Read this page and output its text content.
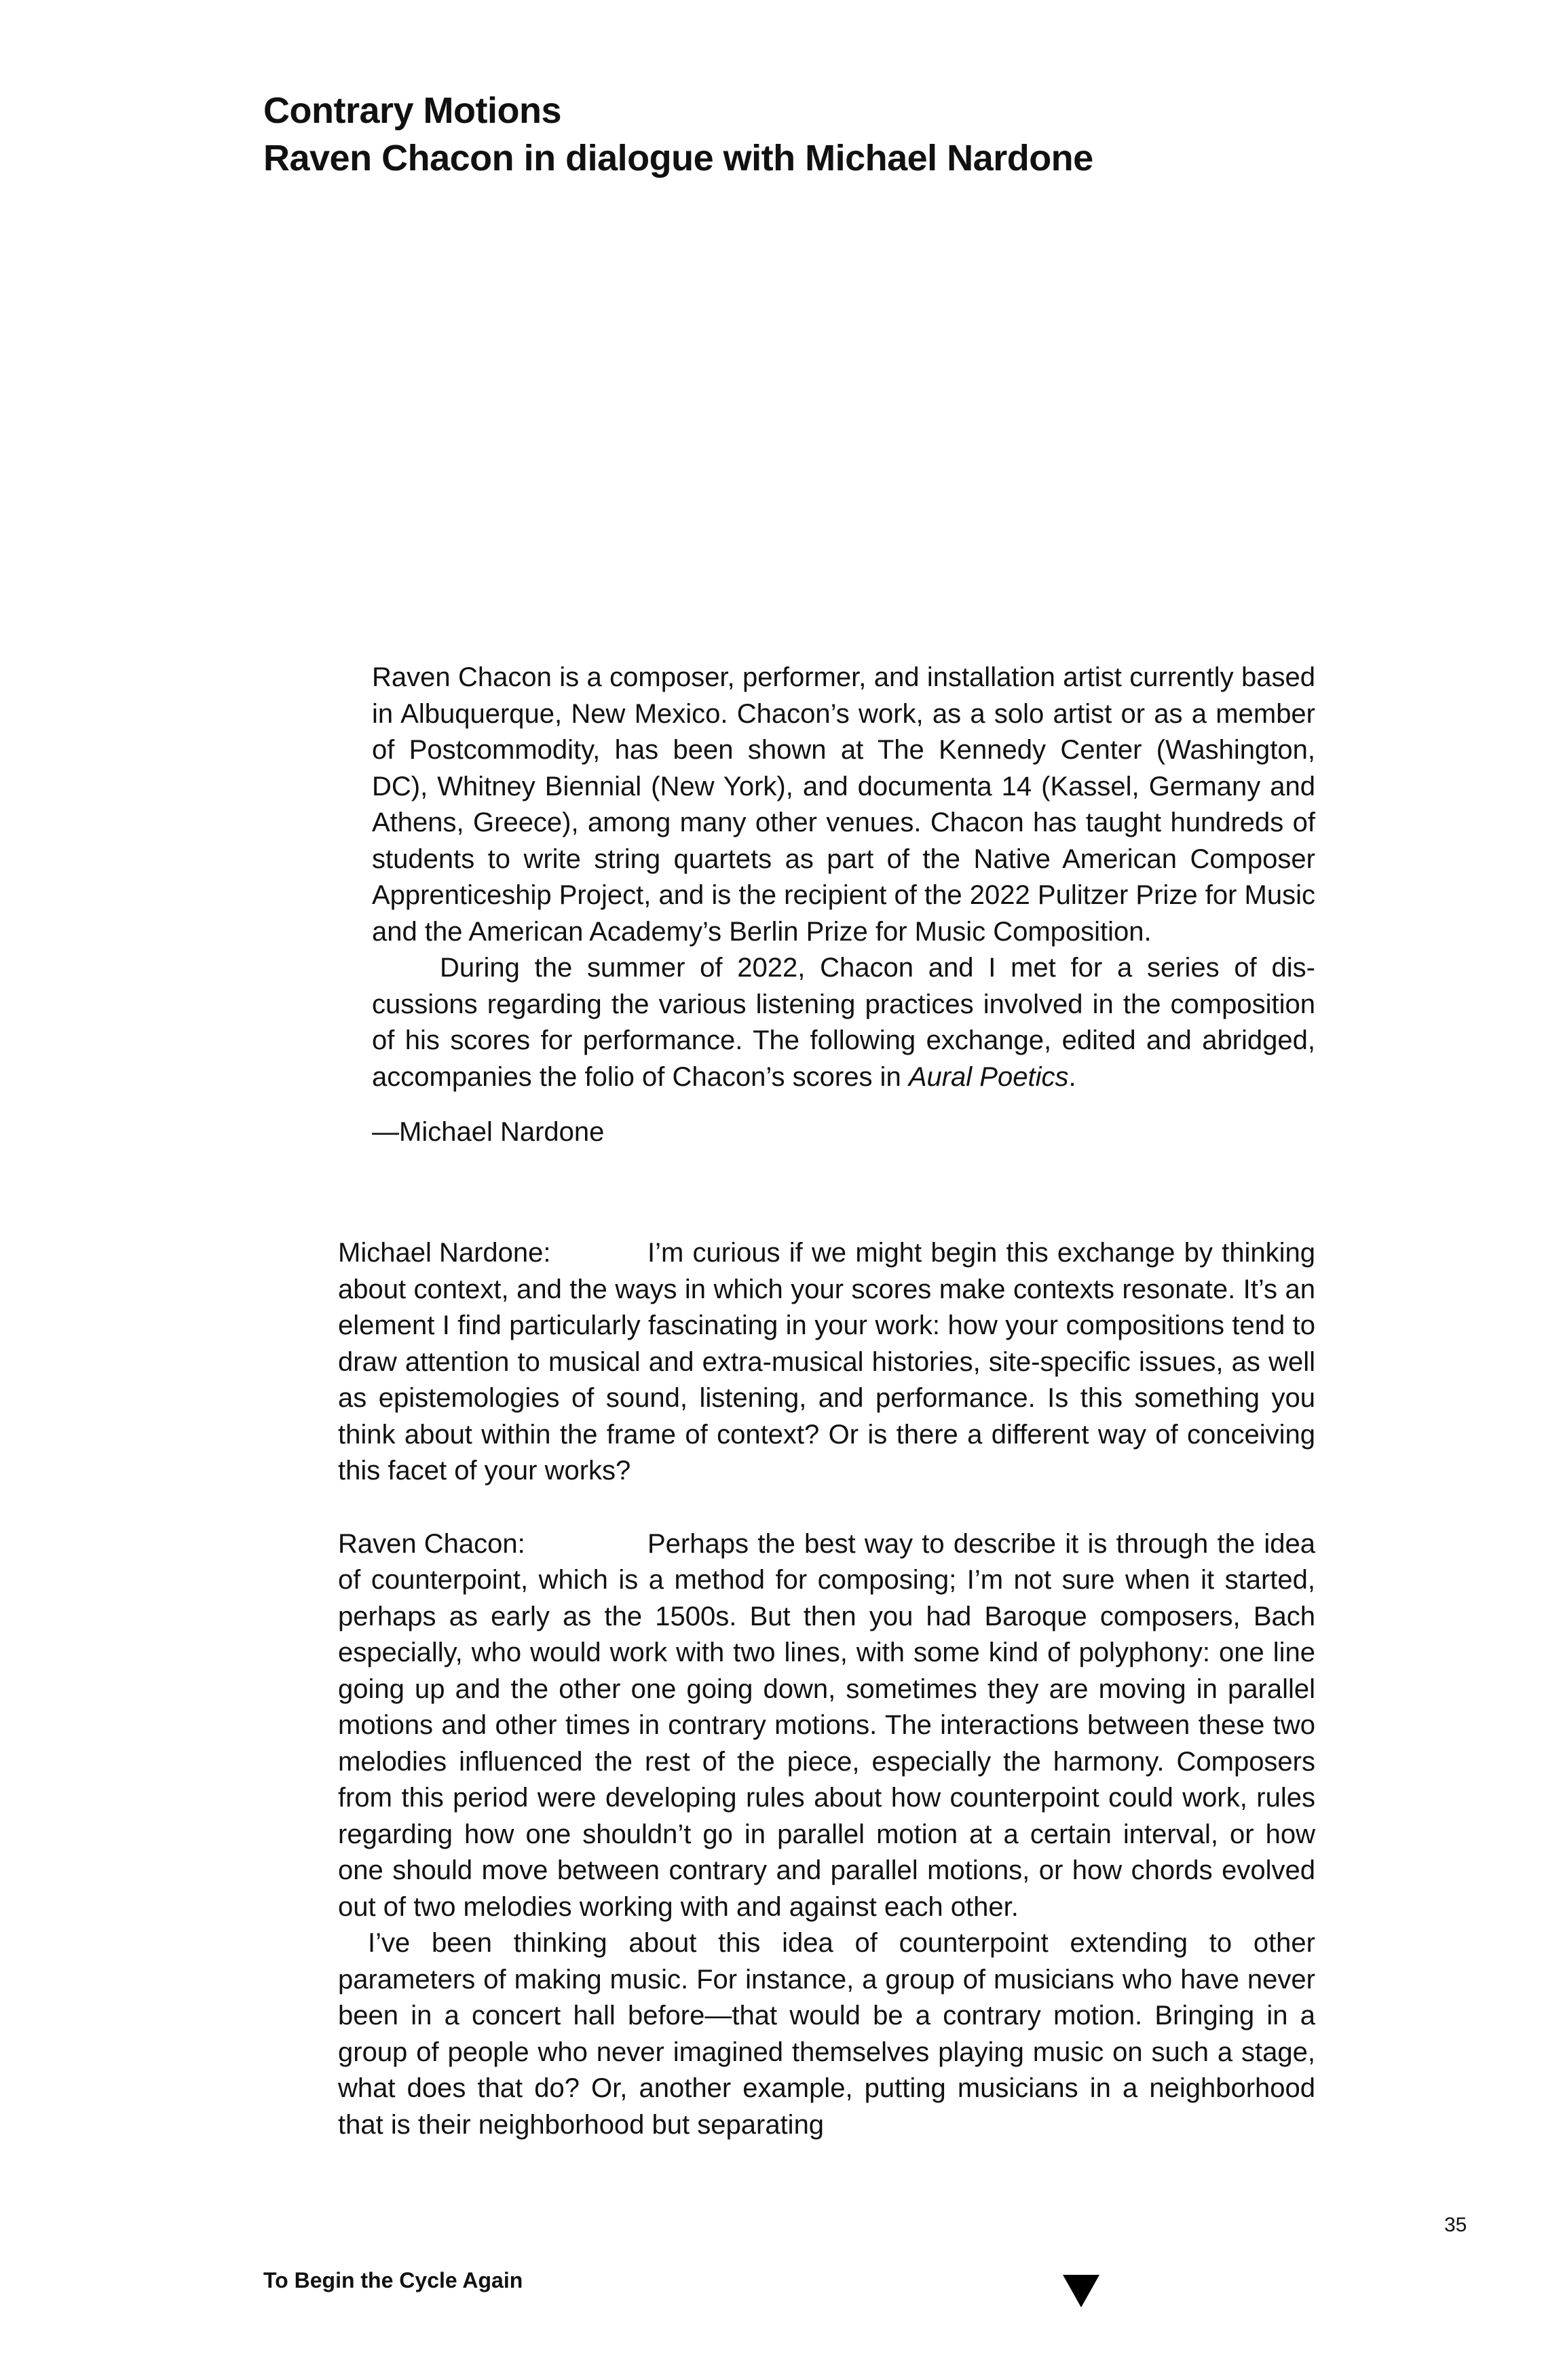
Contrary Motions
Raven Chacon in dialogue with Michael Nardone

Raven Chacon is a composer, performer, and installation artist currently based in Albuquerque, New Mexico. Chacon’s work, as a solo artist or as a member of Postcommodity, has been shown at The Kennedy Center (Washington, DC), Whitney Biennial (New York), and documenta 14 (Kassel, Germany and Athens, Greece), among many other venues. Chacon has taught hundreds of students to write string quartets as part of the Native American Composer Apprenticeship Project, and is the recipient of the 2022 Pulitzer Prize for Music and the American Academy’s Berlin Prize for Music Composition.

During the summer of 2022, Chacon and I met for a series of discussions regarding the various listening practices involved in the composition of his scores for performance. The following exchange, edited and abridged, accompanies the folio of Chacon’s scores in Aural Poetics.

—Michael Nardone

Michael Nardone:	I’m curious if we might begin this exchange by thinking about context, and the ways in which your scores make contexts resonate. It’s an element I find particularly fascinating in your work: how your compositions tend to draw attention to musical and extra-musical histories, site-specific issues, as well as epistemologies of sound, listening, and performance. Is this something you think about within the frame of context? Or is there a different way of conceiving this facet of your works?

Raven Chacon:	Perhaps the best way to describe it is through the idea of counterpoint, which is a method for composing; I’m not sure when it started, perhaps as early as the 1500s. But then you had Baroque composers, Bach especially, who would work with two lines, with some kind of polyphony: one line going up and the other one going down, sometimes they are moving in parallel motions and other times in contrary motions. The interactions between these two melodies influenced the rest of the piece, especially the harmony. Composers from this period were developing rules about how counterpoint could work, rules regarding how one shouldn’t go in parallel motion at a certain interval, or how one should move between contrary and parallel motions, or how chords evolved out of two melodies working with and against each other.

I’ve been thinking about this idea of counterpoint extending to other parameters of making music. For instance, a group of musicians who have never been in a concert hall before—that would be a contrary motion. Bringing in a group of people who never imagined themselves playing music on such a stage, what does that do? Or, another example, putting musicians in a neighborhood that is their neighborhood but separating

35
To Begin the Cycle Again
